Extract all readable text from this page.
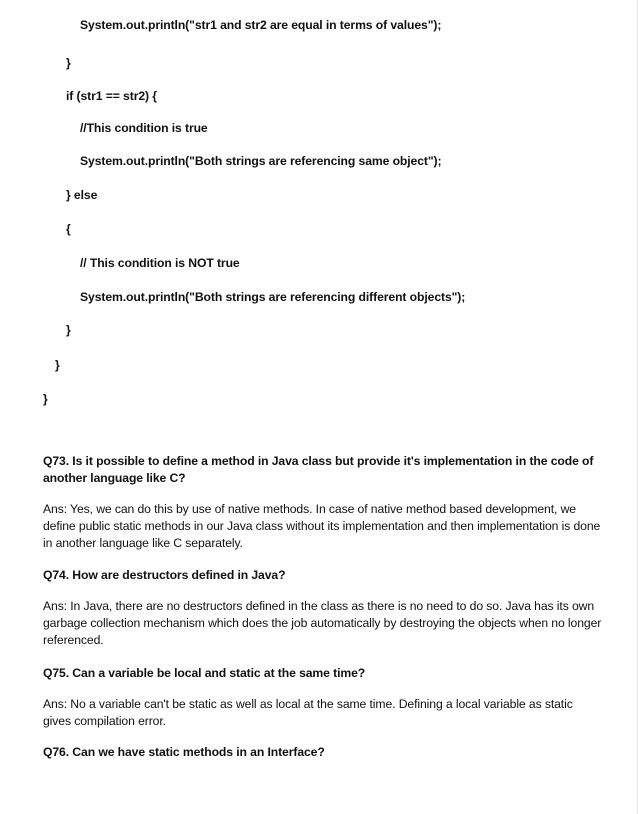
System.out.println("str1 and str2 are equal in terms of values");
}
if (str1 == str2) {
//This condition is true
System.out.println("Both strings are referencing same object");
} else
{
// This condition is NOT true
System.out.println("Both strings are referencing different objects");
}
}
}
Q73. Is it possible to define a method in Java class but provide it's implementation in the code of another language like C?
Ans: Yes, we can do this by use of native methods. In case of native method based development, we define public static methods in our Java class without its implementation and then implementation is done in another language like C separately.
Q74. How are destructors defined in Java?
Ans: In Java, there are no destructors defined in the class as there is no need to do so. Java has its own garbage collection mechanism which does the job automatically by destroying the objects when no longer referenced.
Q75. Can a variable be local and static at the same time?
Ans: No a variable can't be static as well as local at the same time. Defining a local variable as static gives compilation error.
Q76. Can we have static methods in an Interface?
